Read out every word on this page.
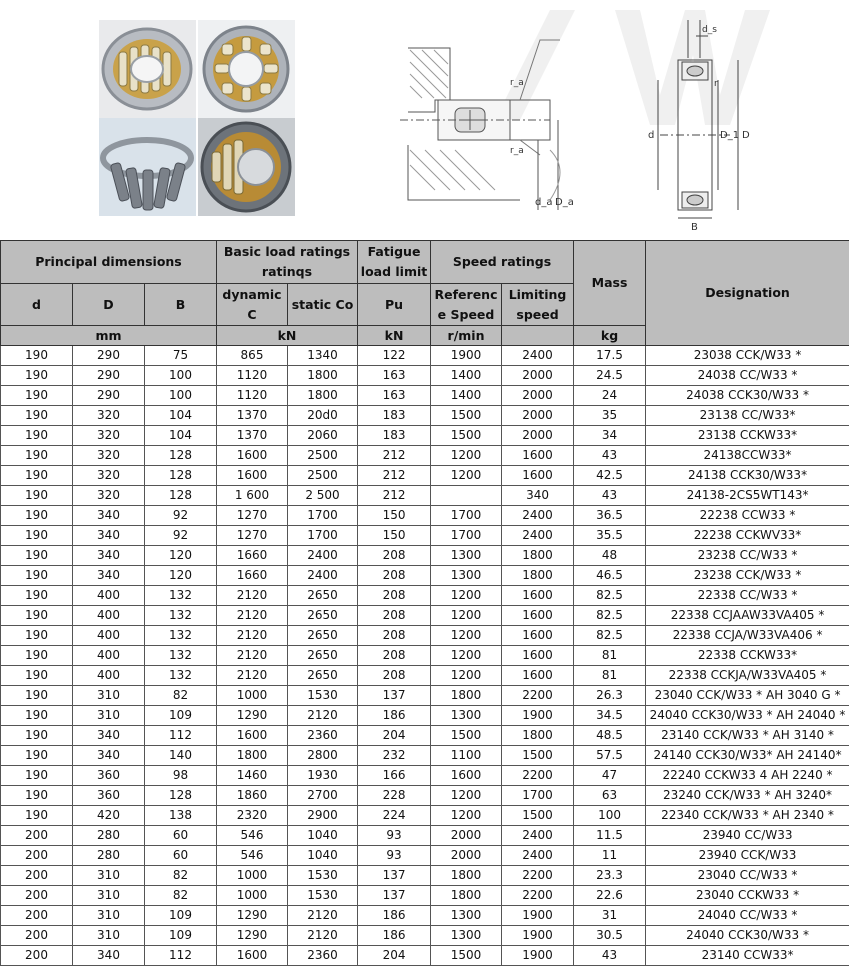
r_a
r_a
d_a D_a
d	D_1 D
B
r
d_s
Principal dimensions			Basic load ratings ratinqs		Fatigue load limit	Speed ratings		Mass	Designation
d	D	B	dynamic C	static Co	Pu	Referenc e Speed	Limiting speed		
mm			kN		kN	r/min		kg	
190	290	75	865	1340	122	1900	2400	17.5	23038 CCK/W33 *
190	290	100	1120	1800	163	1400	2000	24.5	24038 CC/W33 *
190	290	100	1120	1800	163	1400	2000	24	24038 CCK30/W33 *
190	320	104	1370	20d0	183	1500	2000	35	23138 CC/W33*
190	320	104	1370	2060	183	1500	2000	34	23138 CCKW33*
190	320	128	1600	2500	212	1200	1600	43	24138CCW33*
190	320	128	1600	2500	212	1200	1600	42.5	24138 CCK30/W33*
190	320	128	1 600	2 500	212		340	43	24138-2CS5WT143*
190	340	92	1270	1700	150	1700	2400	36.5	22238 CCW33 *
190	340	92	1270	1700	150	1700	2400	35.5	22238 CCKWV33*
190	340	120	1660	2400	208	1300	1800	48	23238 CC/W33 *
190	340	120	1660	2400	208	1300	1800	46.5	23238 CCK/W33 *
190	400	132	2120	2650	208	1200	1600	82.5	22338 CC/W33 *
190	400	132	2120	2650	208	1200	1600	82.5	22338 CCJAAW33VA405 *
190	400	132	2120	2650	208	1200	1600	82.5	22338 CCJA/W33VA406 *
190	400	132	2120	2650	208	1200	1600	81	22338 CCKW33*
190	400	132	2120	2650	208	1200	1600	81	22338 CCKJA/W33VA405 *
190	310	82	1000	1530	137	1800	2200	26.3	23040 CCK/W33 * AH 3040 G *
190	310	109	1290	2120	186	1300	1900	34.5	24040 CCK30/W33 * AH 24040 *
190	340	112	1600	2360	204	1500	1800	48.5	23140 CCK/W33 * AH 3140 *
190	340	140	1800	2800	232	1100	1500	57.5	24140 CCK30/W33* AH 24140*
190	360	98	1460	1930	166	1600	2200	47	22240 CCKW33 4 AH 2240 *
190	360	128	1860	2700	228	1200	1700	63	23240 CCK/W33 * AH 3240*
190	420	138	2320	2900	224	1200	1500	100	22340 CCK/W33 * AH 2340 *
200	280	60	546	1040	93	2000	2400	11.5	23940 CC/W33
200	280	60	546	1040	93	2000	2400	11	23940 CCK/W33
200	310	82	1000	1530	137	1800	2200	23.3	23040 CC/W33 *
200	310	82	1000	1530	137	1800	2200	22.6	23040 CCKW33 *
200	310	109	1290	2120	186	1300	1900	31	24040 CC/W33 *
200	310	109	1290	2120	186	1300	1900	30.5	24040 CCK30/W33 *
200	340	112	1600	2360	204	1500	1900	43	23140 CCW33*
